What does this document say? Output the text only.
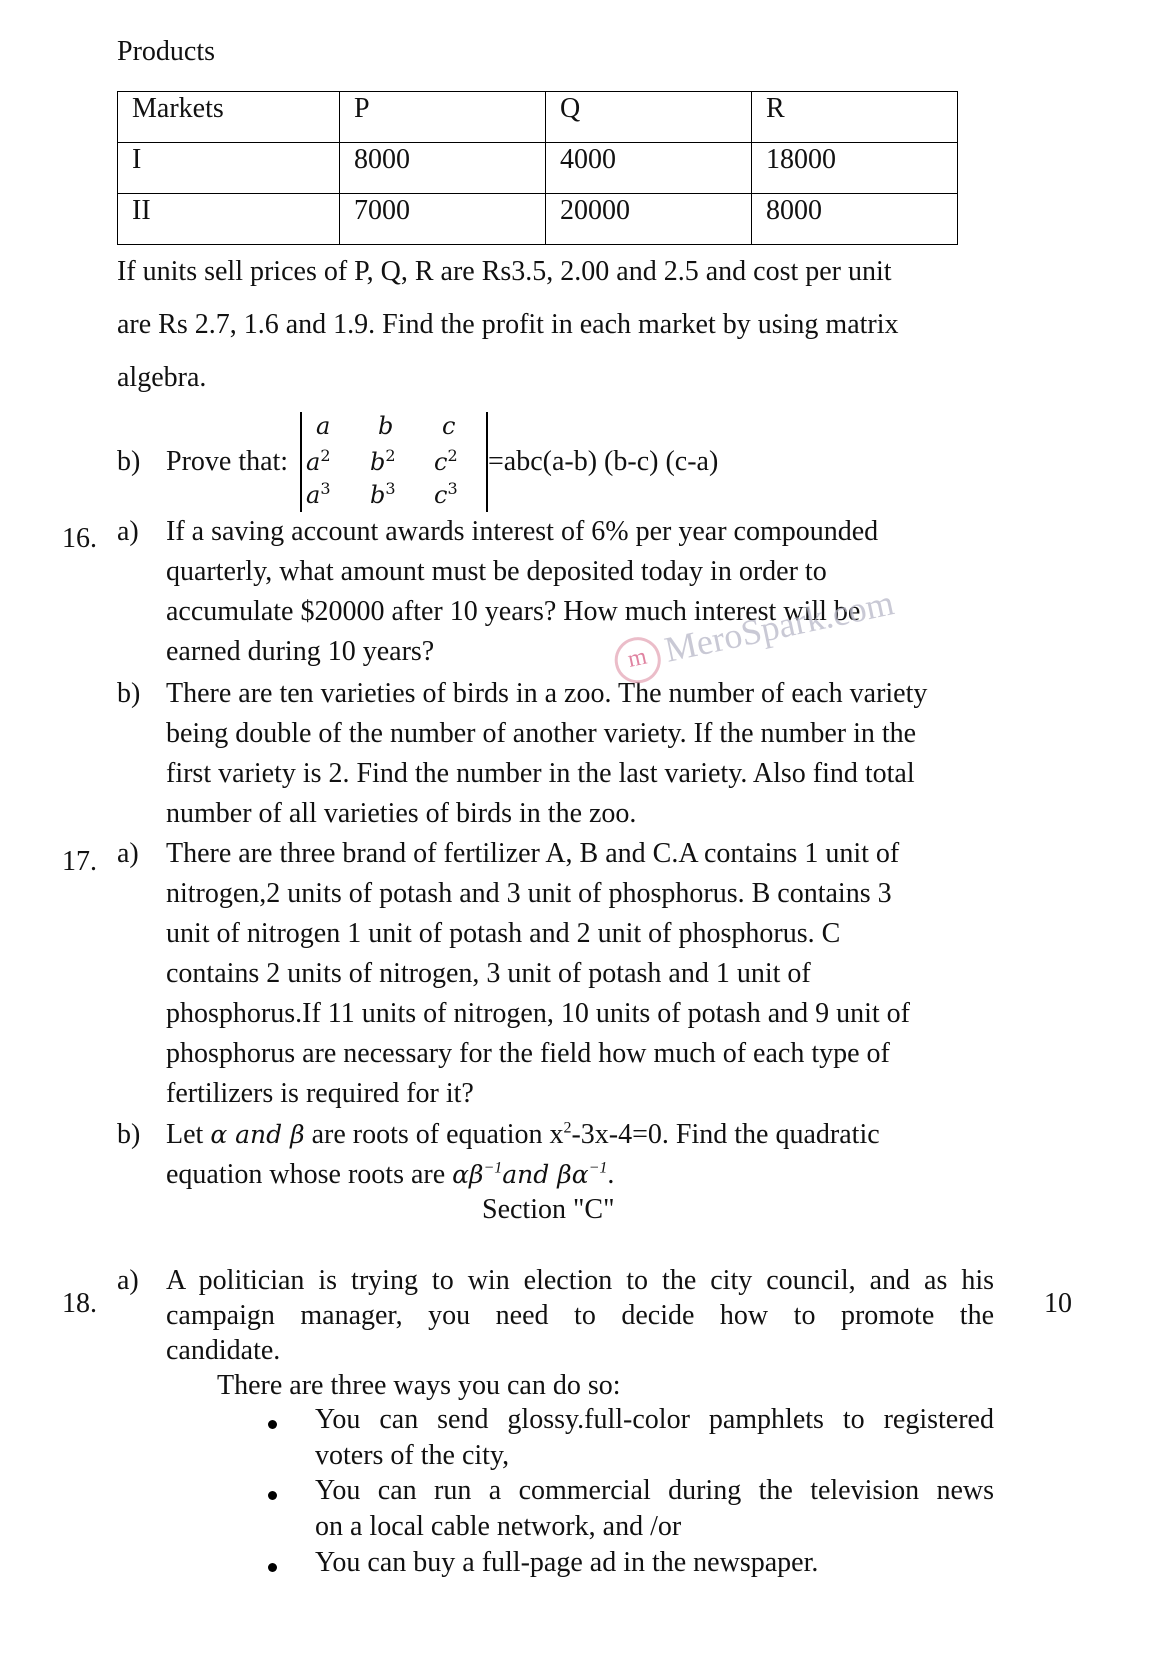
Products
Markets	P	Q	R
I	8000	4000	18000
II	7000	20000	8000
If units sell prices of P, Q, R are Rs3.5, 2.00 and 2.5 and cost per unit
are Rs 2.7, 1.6 and 1.9. Find the profit in each market by using matrix
algebra.
b) Prove that:
a b c
$a^2$ $b^2$ $c^2$
$a^3$ $b^3$ $c^3$
=abc(a-b) (b-c) (c-a)
16. a) If a saving account awards interest of 6% per year compounded
quarterly, what amount must be deposited today in order to
accumulate $20000 after 10 years? How much interest will be
earned during 10 years?
b) There are ten varieties of birds in a zoo. The number of each variety
being double of the number of another variety. If the number in the
first variety is 2. Find the number in the last variety. Also find total
number of all varieties of birds in the zoo.
m MeroSpark.com
17. a) There are three brand of fertilizer A, B and C.A contains 1 unit of
nitrogen,2 units of potash and 3 unit of phosphorus. B contains 3
unit of nitrogen 1 unit of potash and 2 unit of phosphorus. C
contains 2 units of nitrogen, 3 unit of potash and 1 unit of
phosphorus.If 11 units of nitrogen, 10 units of potash and 9 unit of
phosphorus are necessary for the field how much of each type of
fertilizers is required for it?
b) Let α and β are roots of equation $x^2-3x-4=0$. Find the quadratic
equation whose roots are $\alpha\beta^{-1}and$ $\beta\alpha^{-1}$.
Section "C"
18.	10
a) A politician is trying to win election to the city council, and as his
campaign manager, you need to decide how to promote the
candidate.
There are three ways you can do so:
You can send glossy.full-color pamphlets to registered
voters of the city,
You can run a commercial during the television news
on a local cable network, and /or
You can buy a full-page ad in the newspaper.
